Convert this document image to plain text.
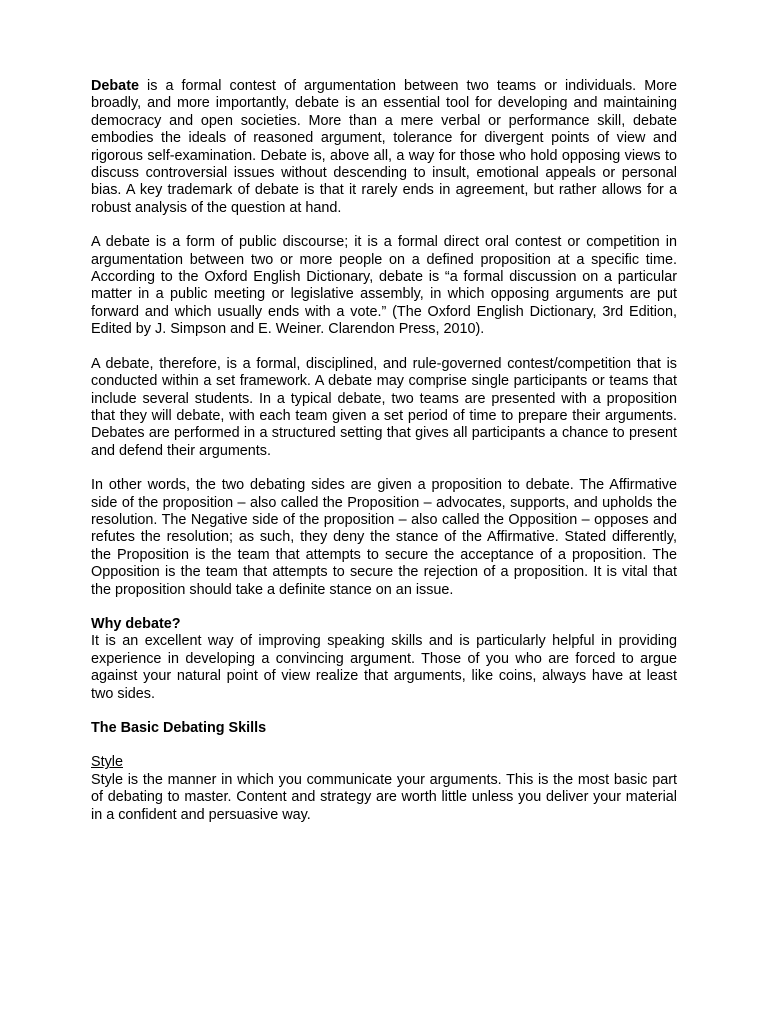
Debate is a formal contest of argumentation between two teams or individuals. More broadly, and more importantly, debate is an essential tool for developing and maintaining democracy and open societies. More than a mere verbal or performance skill, debate embodies the ideals of reasoned argument, tolerance for divergent points of view and rigorous self-examination. Debate is, above all, a way for those who hold opposing views to discuss controversial issues without descending to insult, emotional appeals or personal bias. A key trademark of debate is that it rarely ends in agreement, but rather allows for a robust analysis of the question at hand.

A debate is a form of public discourse; it is a formal direct oral contest or competition in argumentation between two or more people on a defined proposition at a specific time. According to the Oxford English Dictionary, debate is “a formal discussion on a particular matter in a public meeting or legislative assembly, in which opposing arguments are put forward and which usually ends with a vote.” (The Oxford English Dictionary, 3rd Edition, Edited by J. Simpson and E. Weiner. Clarendon Press, 2010).

A debate, therefore, is a formal, disciplined, and rule-governed contest/competition that is conducted within a set framework. A debate may comprise single participants or teams that include several students. In a typical debate, two teams are presented with a proposition that they will debate, with each team given a set period of time to prepare their arguments. Debates are performed in a structured setting that gives all participants a chance to present and defend their arguments.

In other words, the two debating sides are given a proposition to debate. The Affirmative side of the proposition – also called the Proposition – advocates, supports, and upholds the resolution. The Negative side of the proposition – also called the Opposition – opposes and refutes the resolution; as such, they deny the stance of the Affirmative. Stated differently, the Proposition is the team that attempts to secure the acceptance of a proposition. The Opposition is the team that attempts to secure the rejection of a proposition. It is vital that the proposition should take a definite stance on an issue.

Why debate?

It is an excellent way of improving speaking skills and is particularly helpful in providing experience in developing a convincing argument. Those of you who are forced to argue against your natural point of view realize that arguments, like coins, always have at least two sides.

The Basic Debating Skills
Style

Style is the manner in which you communicate your arguments. This is the most basic part of debating to master. Content and strategy are worth little unless you deliver your material in a confident and persuasive way.
